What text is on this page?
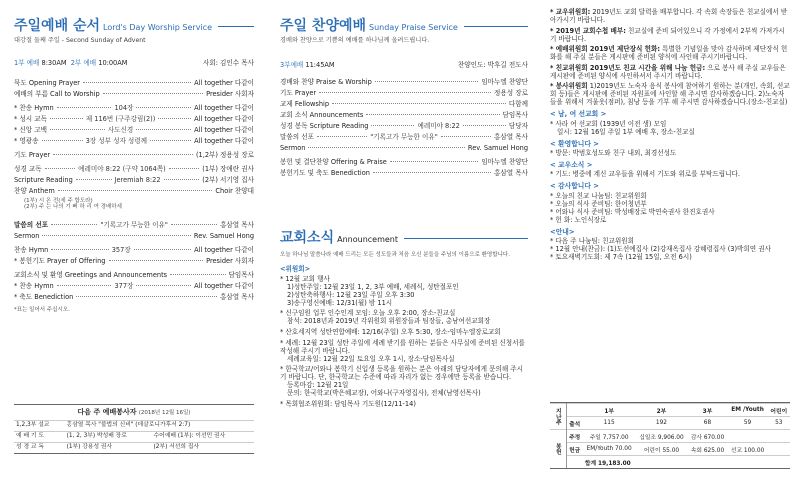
주일예배 순서 Lord's Day Worship Service
대강절 둘째 주일 - Second Sunday of Advent
1부 예배
8:30AM
2부 예배
10:00AM	사회: 김인수 목사
묵도 Opening Prayer	All together 다같이
예배의 부름 Call to Worship	Presider 사회자
* 찬송 Hymn	104장	All together 다같이
* 성시 교독	제 116번 (구주강림(2))	All together 다같이
* 신앙 고백	사도신경	All together 다같이
* 영광송	3장 성부 성자 성령께	All together 다같이
기도 Prayer	(1,2부) 정용성 장로
성경 교독	예레미야 8:22 (구약 1064쪽)	(1부) 장애란 권사
Scripture Reading	Jeremiah 8:22	(2부) 서기영 집사
찬양 Anthem	Choir 찬양대
(1부) 시 온 전(세 주 합도라)
(2부) 주 는 나의 기 뻐 하 리 여 경배하세
말씀의 선포	"기록고가 무능한 이유"	홍삼열 목사
Sermon	Rev. Samuel Hong
찬송 Hymn	357장	All together 다같이
* 봉헌기도 Prayer of Offering	Presider 사회자
교회소식 및 환영 Greetings and Announcements	담임목사
* 찬송 Hymn	377장	All together 다같이
* 축도 Benediction	홍삼열 목사
*표는 일어서 주십시오.
다음 주 예배봉사자 (2018년 12월 16일)
1,2,3부 설교	홍삼열 목사 "불법의 신비" (데살로니가후서 2:7)	
예 배 기 도	(1, 2, 3부) 박성배 장로	수어예배 (1부): 이선민 권사
성 경 교 독	(1부) 강용성 권사	(2부) 서선희 집사
주일 찬양예배 Sunday Praise Service
경배와 찬양으로 기쁨의 예배를 하나님께 올려드립니다.
3부예배
11:45AM	찬양인도: 박후길 전도사
경배와 찬양 Praise & Worship	임마누엘 찬양단
기도 Prayer	정용성 장로
교제 Fellowship	다함께
교회 소식 Announcements	담임목사
성경 봉독 Scripture Reading	예레미야 8:22	담당자
말씀의 선포	"기록고가 무능한 이유"	홍삼열 목사
Sermon	Rev. Samuel Hong
봉헌 및 결단찬양 Offering & Praise	임마누엘 찬양단
봉헌기도 및 축도 Benediction	홍삼열 목사
교회소식 Announcement
오늘 하나님 말씀나라 예배 드리는 모든 성도들과 처음 오신 분들을 주님의 이름으로 환영합니다.
<위원회>
* 12월 교회 행사
1)성탄주일: 12월 23일 1, 2, 3부 예배, 세례식, 성탄절포인
2)성탄축하행사: 12월 23일 주일 오후 3:30
3)송구영신예배: 12/31(월) 밤 11시
* 신구임원 업무 인수인계 모임: 오늘 오후 2:00, 장소-친교실
참석: 2018년과 2019년 각위원회 위원장들과 팀장들, 총남여선교회장
* 산호세지역 성탄연합예배: 12/16(주일) 오후 5:30, 장소-임마누엘장로교회
* 세례: 12월 23일 성탄 주일에 세례 받기를 원하는 분들은 사무실에 준비된 신청서를 작성해 주시기 바랍니다.
세례교육일: 12월 22일 토요일 오후 1시, 장소-담임목사실
* 한국학교/어와나 봄학기 신입생 등록을 원하는 분은 아래의 담당자에게 문의해 주시기 바랍니다. 단, 한국학교는 수준에 따라 자리가 없는 경우에만 등록을 받습니다.
등록마감: 12월 21일
문의: 한국학교(박은혜교장), 어와나(구자영집사), 전체(남영선목사)
* 목회협조위원회: 담임목사 기도원(12/11-14)
* 교우위원회: 2019년도 교회 달력을 배부합니다. 각 속회 속장들은 친교실에서 받아가시기 바랍니다.
* 2019년 교회수첩 배부: 친교실에 준비 되어있으니 각 가정에서 2부씩 가져가시기 바랍니다.
* 예배위원회 2019년 제단장식 헌화: 특별한 기념일을 맞아 감사하며 제단장식 헌화를 해 주실 분들은 게시판에 준비된 양식에 사인해 주시기바랍니다.
* 친교위원회 2019년도 친교 시간을 위해 나눔 헌금: 으로 봉사 해 주실 교우들은 게시판에 준비된 양식에 사인하셔서 주시기 바랍니다.
* 봉사위원회 1)2019년도 노숙자 음식 봉사에 참여하기 원하는 분(개인, 속회, 선교회 등)들은 게시판에 준비된 자원표에 사인할 해 주시면 감사하겠습니다. 2)노숙자들을 위해서 겨울옷(점퍼), 침낭 등을 기부 해 주시면 감사하겠습니다.(장소-친교실)
< 남, 여 선교회 >
* 사라 여 선교회 (1939년 이전 생) 모임
일시: 12월 16일 주일 1부 예배 후, 장소-친교실
< 환영합니다 >
* 방문: 박범호성도와 친구 내외, 최경선성도
< 교우소식 >
* 기도: 병중에 계신 교우들을 위해서 기도와 위로를 부탁드립니다.
< 감사합니다 >
* 오늘의 친교 나눔팀: 친교위원회
* 오늘의 식사 준비팀: 한어청년부
* 어와나 식사 준비팀: 박성배장로 박연숙권사 한진호권사
* 헌 화: 노인식장로
<안내>
* 다음 주 나눔팀: 친교위원회
* 12월 안내(찬금): (1)도선예집사 (2)강재옥집사 강혜령집사 (3)박희연 권사
* 토요새벽기도회: 제 7속 (12월 15일, 오전 6시)
지난주		1부	2부	3부	EM /Youth	어린이
	출석	115	192	68	59	53
봉헌	주정	주일 7,757.00	십일조 9,906.00	감사 670.00		
	헌금	EM/Youth 70.00	어린이 55.00	속회 625.00	선교 100.00	
		합계 19,183.00				
